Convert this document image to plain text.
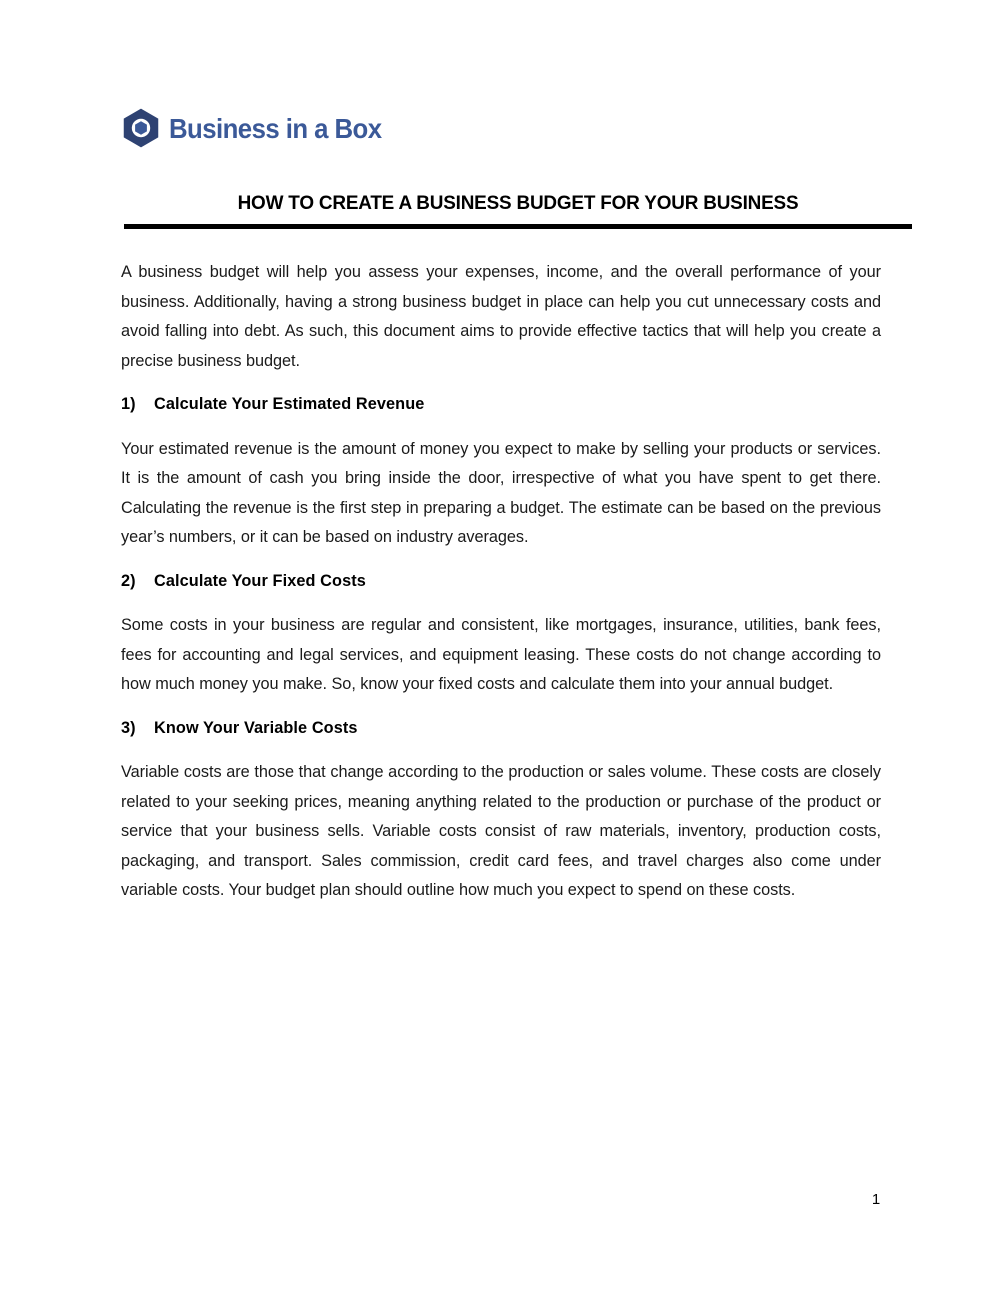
Business in a Box
HOW TO CREATE A BUSINESS BUDGET FOR YOUR BUSINESS

A business budget will help you assess your expenses, income, and the overall performance of your business. Additionally, having a strong business budget in place can help you cut unnecessary costs and avoid falling into debt. As such, this document aims to provide effective tactics that will help you create a precise business budget.

1)	Calculate Your Estimated Revenue

Your estimated revenue is the amount of money you expect to make by selling your products or services. It is the amount of cash you bring inside the door, irrespective of what you have spent to get there. Calculating the revenue is the first step in preparing a budget. The estimate can be based on the previous year’s numbers, or it can be based on industry averages.

2)	Calculate Your Fixed Costs

Some costs in your business are regular and consistent, like mortgages, insurance, utilities, bank fees, fees for accounting and legal services, and equipment leasing. These costs do not change according to how much money you make. So, know your fixed costs and calculate them into your annual budget.

3)	Know Your Variable Costs

Variable costs are those that change according to the production or sales volume. These costs are closely related to your seeking prices, meaning anything related to the production or purchase of the product or service that your business sells. Variable costs consist of raw materials, inventory, production costs, packaging, and transport. Sales commission, credit card fees, and travel charges also come under variable costs. Your budget plan should outline how much you expect to spend on these costs.

1
